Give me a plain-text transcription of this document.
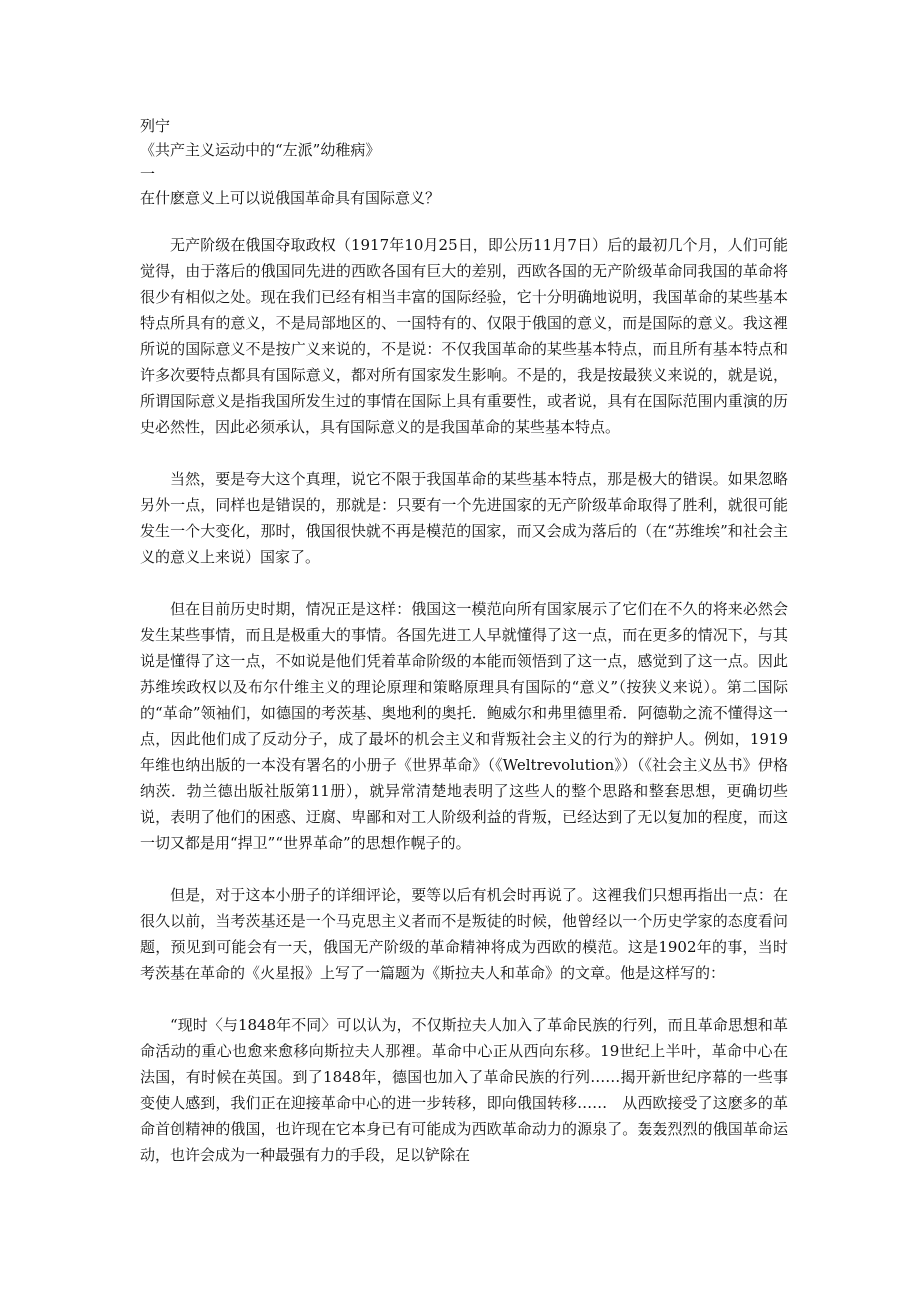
列宁
《共产主义运动中的“左派”幼稚病》
一
在什麽意义上可以说俄国革命具有国际意义？

无产阶级在俄国夺取政权（1917年10月25日，即公历11月7日）后的最初几个月，人们可能觉得，由于落后的俄国同先进的西欧各国有巨大的差别，西欧各国的无产阶级革命同我国的革命将很少有相似之处。现在我们已经有相当丰富的国际经验，它十分明确地说明，我国革命的某些基本特点所具有的意义，不是局部地区的、一国特有的、仅限于俄国的意义，而是国际的意义。我这裡所说的国际意义不是按广义来说的，不是说：不仅我国革命的某些基本特点，而且所有基本特点和许多次要特点都具有国际意义，都对所有国家发生影响。不是的，我是按最狭义来说的，就是说，所谓国际意义是指我国所发生过的事情在国际上具有重要性，或者说，具有在国际范围内重演的历史必然性，因此必须承认，具有国际意义的是我国革命的某些基本特点。

当然，要是夸大这个真理，说它不限于我国革命的某些基本特点，那是极大的错误。如果忽略另外一点，同样也是错误的，那就是：只要有一个先进国家的无产阶级革命取得了胜利，就很可能发生一个大变化，那时，俄国很快就不再是模范的国家，而又会成为落后的（在“苏维埃”和社会主义的意义上来说）国家了。

但在目前历史时期，情况正是这样：俄国这一模范向所有国家展示了它们在不久的将来必然会发生某些事情，而且是极重大的事情。各国先进工人早就懂得了这一点，而在更多的情况下，与其说是懂得了这一点，不如说是他们凭着革命阶级的本能而领悟到了这一点，感觉到了这一点。因此苏维埃政权以及布尔什维主义的理论原理和策略原理具有国际的“意义”（按狭义来说）。第二国际的“革命”领袖们，如德国的考茨基、奥地利的奥托．鲍威尔和弗里德里希．阿德勒之流不懂得这一点，因此他们成了反动分子，成了最坏的机会主义和背叛社会主义的行为的辩护人。例如，1919年维也纳出版的一本没有署名的小册子《世界革命》（《Weltrevolution》）（《社会主义丛书》伊格纳茨．勃兰德出版社版第11册），就异常清楚地表明了这些人的整个思路和整套思想，更确切些说，表明了他们的困惑、迂腐、卑鄙和对工人阶级利益的背叛，已经达到了无以复加的程度，而这一切又都是用“捍卫”“世界革命”的思想作幌子的。

但是，对于这本小册子的详细评论，要等以后有机会时再说了。这裡我们只想再指出一点：在很久以前，当考茨基还是一个马克思主义者而不是叛徒的时候，他曾经以一个历史学家的态度看问题，预见到可能会有一天，俄国无产阶级的革命精神将成为西欧的模范。这是1902年的事，当时考茨基在革命的《火星报》上写了一篇题为《斯拉夫人和革命》的文章。他是这样写的：

“现时〈与1848年不同〉可以认为，不仅斯拉夫人加入了革命民族的行列，而且革命思想和革命活动的重心也愈来愈移向斯拉夫人那裡。革命中心正从西向东移。19世纪上半叶，革命中心在法国，有时候在英国。到了1848年，德国也加入了革命民族的行列……揭开新世纪序幕的一些事变使人感到，我们正在迎接革命中心的进一步转移，即向俄国转移……　从西欧接受了这麽多的革命首创精神的俄国，也许现在它本身已有可能成为西欧革命动力的源泉了。轰轰烈烈的俄国革命运动，也许会成为一种最强有力的手段，足以铲除在
